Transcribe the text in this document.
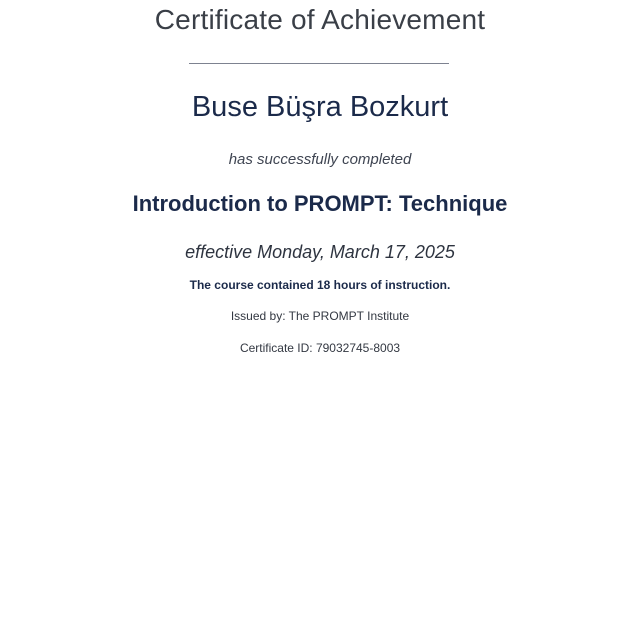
Certificate of Achievement
Buse Büşra Bozkurt
has successfully completed
Introduction to PROMPT: Technique
effective Monday, March 17, 2025
The course contained 18 hours of instruction.
Issued by: The PROMPT Institute
Certificate ID: 79032745-8003
